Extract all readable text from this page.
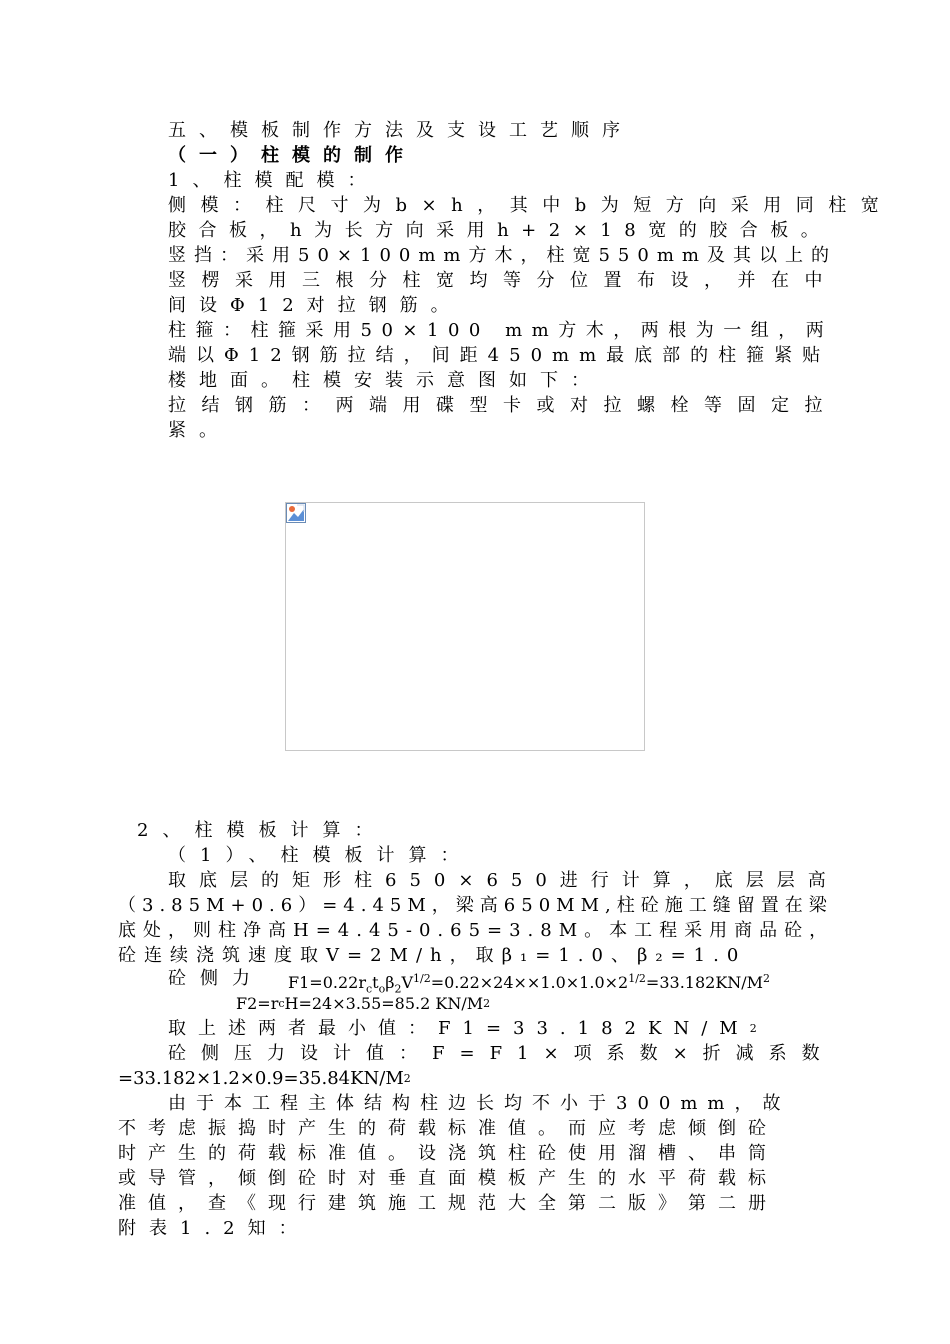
五、模板制作方法及支设工艺顺序
（一）柱模的制作
1、柱模配模：
侧模：柱尺寸为b×h，其中b为短方向采用同柱宽
胶合板，h为长方向采用h+2×18宽的胶合板。
竖挡：采用50×100mm方木，柱宽550mm及其以上的
竖楞采用三根分柱宽均等分位置布设，并在中
间设Φ12对拉钢筋。
柱箍：柱箍采用50×100 mm方木，两根为一组，两
端以Φ12钢筋拉结，间距450mm最底部的柱箍紧贴
楼地面。柱模安装示意图如下：
拉结钢筋：两端用碟型卡或对拉螺栓等固定拉
紧。
2、柱模板计算：
（1）、柱模板计算：
取底层的矩形柱650×650进行计算，底层层高
（3.85M+0.6）=4.45M，梁高650MM,柱砼施工缝留置在梁
底处，则柱净高H=4.45-0.65=3.8M。本工程采用商品砼，
砼连续浇筑速度取V=2M/h，取β₁=1.0、β₂=1.0
砼侧力 $F1=0.22r_ct_o\beta_2V^{1/2}=0.22\times 24\times\times 1.0\times 1.0\times 2^{1/2}=33.182KN/M^2$
F2=r c H=24×3.55=85.2 KN/M 2
取上述两者最小值：F1=33.182KN/M 2
砼侧压力设计值：F=F1×项系数×折减系数
=33.182×1.2×0.9=35.84KN/M 2
由于本工程主体结构柱边长均不小于300mm，故
不考虑振捣时产生的荷载标准值。而应考虑倾倒砼
时产生的荷载标准值。设浇筑柱砼使用溜槽、串筒
或导管，倾倒砼时对垂直面模板产生的水平荷载标
准值，查《现行建筑施工规范大全第二版》第二册
附表1.2知：
